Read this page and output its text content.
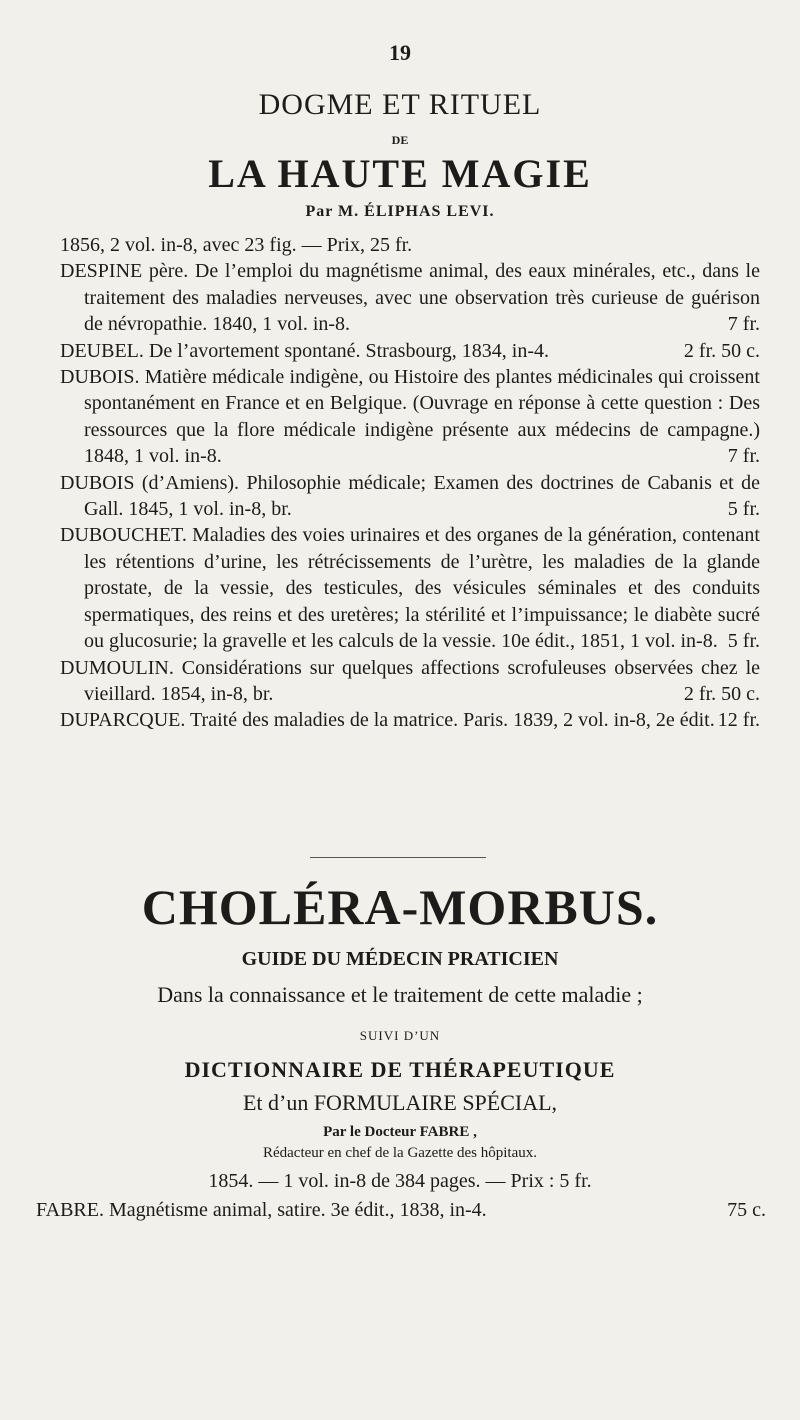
19
DOGME ET RITUEL
DE
LA HAUTE MAGIE
Par M. ÉLIPHAS LEVI.
1856, 2 vol. in-8, avec 23 fig. — Prix, 25 fr.
DESPINE père. De l’emploi du magnétisme animal, des eaux minérales, etc., dans le traitement des maladies nerveuses, avec une observation très curieuse de guérison de névropathie. 1840, 1 vol. in-8.	7 fr.
DEUBEL. De l’avortement spontané. Strasbourg, 1834, in-4.	2 fr. 50 c.
DUBOIS. Matière médicale indigène, ou Histoire des plantes médicinales qui croissent spontanément en France et en Belgique. (Ouvrage en réponse à cette question : Des ressources que la flore médicale indigène présente aux médecins de campagne.) 1848, 1 vol. in-8.	7 fr.
DUBOIS (d’Amiens). Philosophie médicale; Examen des doctrines de Cabanis et de Gall. 1845, 1 vol. in-8, br.	5 fr.
DUBOUCHET. Maladies des voies urinaires et des organes de la génération, contenant les rétentions d’urine, les rétrécissements de l’urètre, les maladies de la glande prostate, de la vessie, des testicules, des vésicules séminales et des conduits spermatiques, des reins et des uretères; la stérilité et l’impuissance; le diabète sucré ou glucosurie; la gravelle et les calculs de la vessie. 10e édit., 1851, 1 vol. in-8. 5 fr.
DUMOULIN. Considérations sur quelques affections scrofuleuses observées chez le vieillard. 1854, in-8, br.	2 fr. 50 c.
DUPARCQUE. Traité des maladies de la matrice. Paris. 1839, 2 vol. in-8, 2e édit. 12 fr.
CHOLÉRA-MORBUS.
GUIDE DU MÉDECIN PRATICIEN
Dans la connaissance et le traitement de cette maladie ;
SUIVI D’UN
DICTIONNAIRE DE THÉRAPEUTIQUE
Et d’un FORMULAIRE SPÉCIAL,
Par le Docteur FABRE ,
Rédacteur en chef de la Gazette des hôpitaux.
1854. — 1 vol. in-8 de 384 pages. — Prix : 5 fr.
FABRE. Magnétisme animal, satire. 3e édit., 1838, in-4.	75 c.
